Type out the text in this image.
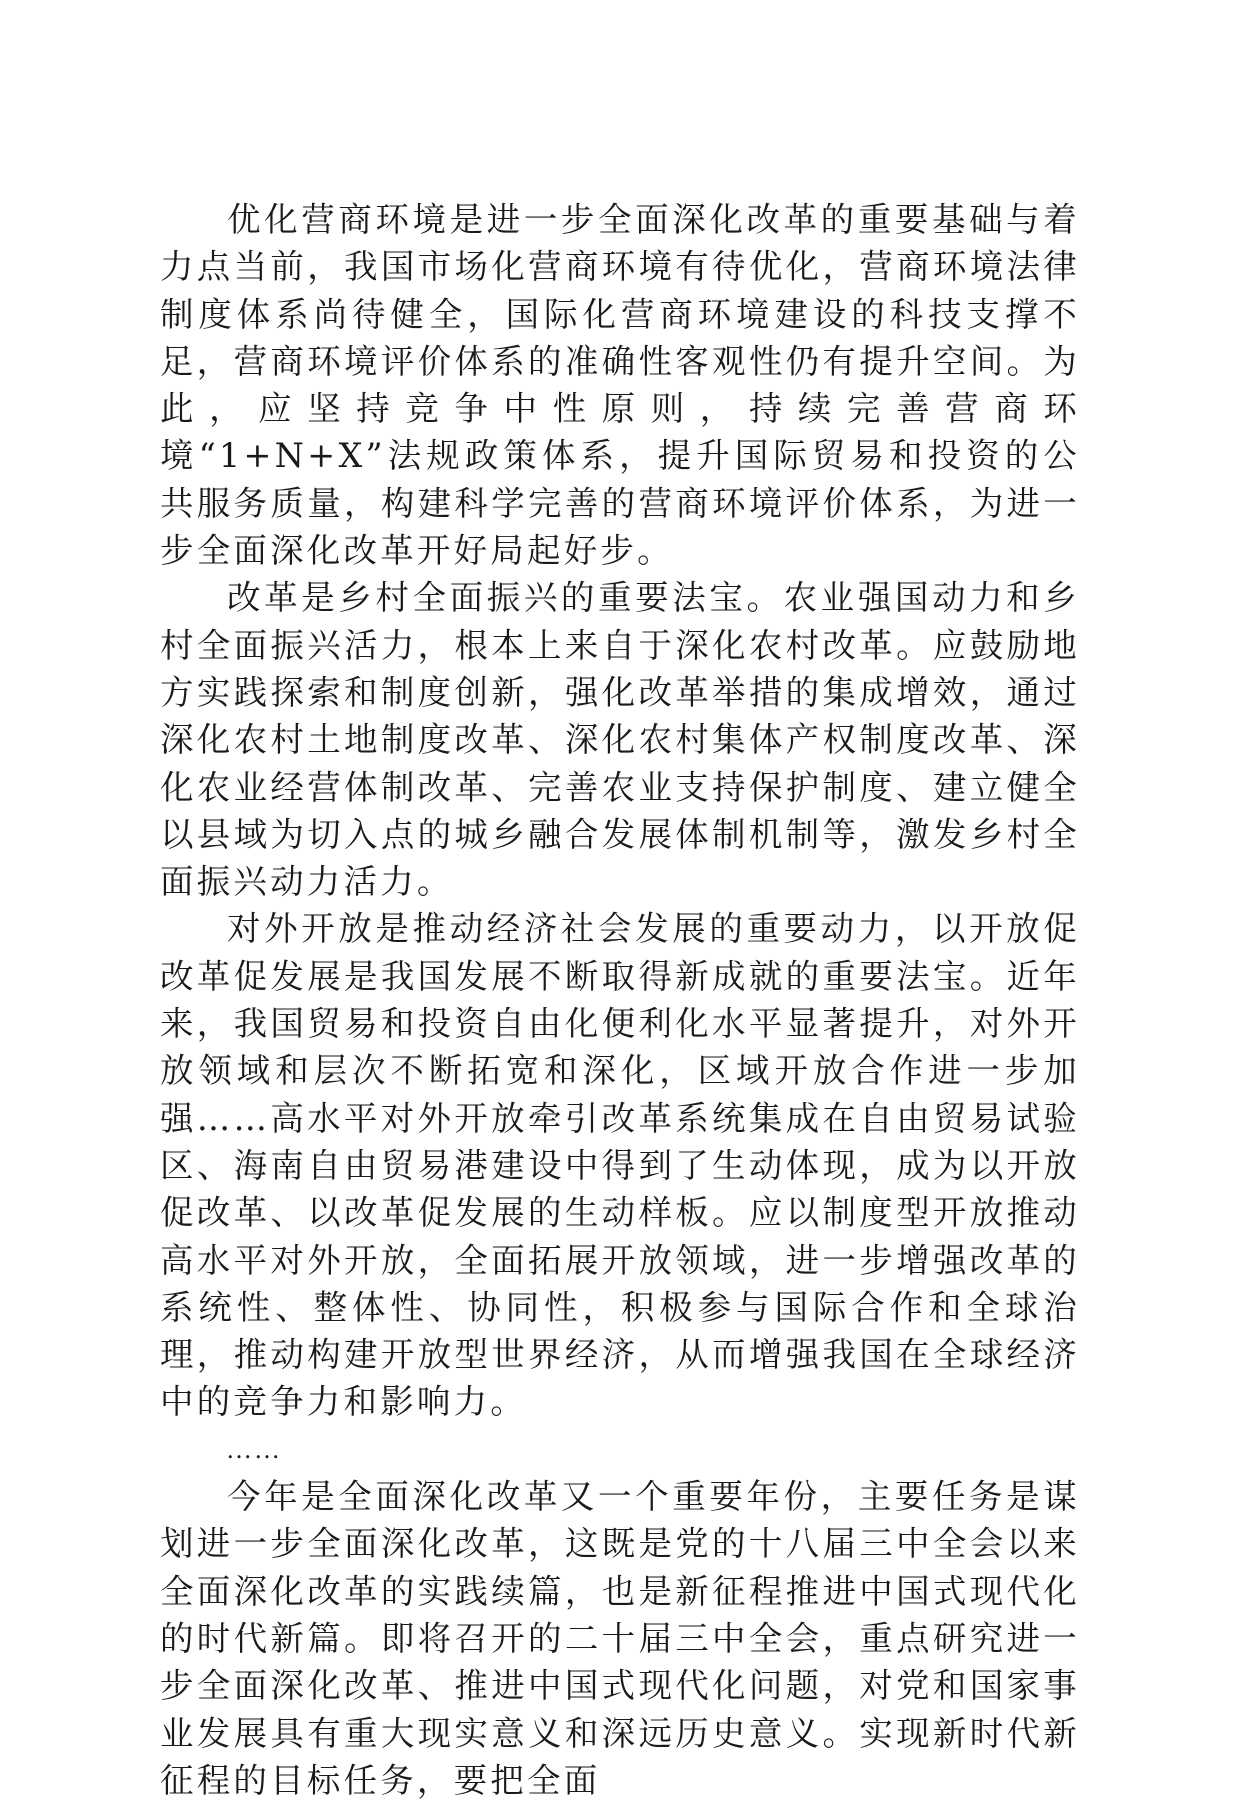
优化营商环境是进一步全面深化改革的重要基础与着力点当前，我国市场化营商环境有待优化，营商环境法律制度体系尚待健全，国际化营商环境建设的科技支撑不足，营商环境评价体系的准确性客观性仍有提升空间。为此，应坚持竞争中性原则，持续完善营商环境“1+N+X”法规政策体系，提升国际贸易和投资的公共服务质量，构建科学完善的营商环境评价体系，为进一步全面深化改革开好局起好步。

改革是乡村全面振兴的重要法宝。农业强国动力和乡村全面振兴活力，根本上来自于深化农村改革。应鼓励地方实践探索和制度创新，强化改革举措的集成增效，通过深化农村土地制度改革、深化农村集体产权制度改革、深化农业经营体制改革、完善农业支持保护制度、建立健全以县域为切入点的城乡融合发展体制机制等，激发乡村全面振兴动力活力。

对外开放是推动经济社会发展的重要动力，以开放促改革促发展是我国发展不断取得新成就的重要法宝。近年来，我国贸易和投资自由化便利化水平显著提升，对外开放领域和层次不断拓宽和深化，区域开放合作进一步加强……高水平对外开放牵引改革系统集成在自由贸易试验区、海南自由贸易港建设中得到了生动体现，成为以开放促改革、以改革促发展的生动样板。应以制度型开放推动高水平对外开放，全面拓展开放领域，进一步增强改革的系统性、整体性、协同性，积极参与国际合作和全球治理，推动构建开放型世界经济，从而增强我国在全球经济中的竞争力和影响力。

……

今年是全面深化改革又一个重要年份，主要任务是谋划进一步全面深化改革，这既是党的十八届三中全会以来全面深化改革的实践续篇，也是新征程推进中国式现代化的时代新篇。即将召开的二十届三中全会，重点研究进一步全面深化改革、推进中国式现代化问题，对党和国家事业发展具有重大现实意义和深远历史意义。实现新时代新征程的目标任务，要把全面
